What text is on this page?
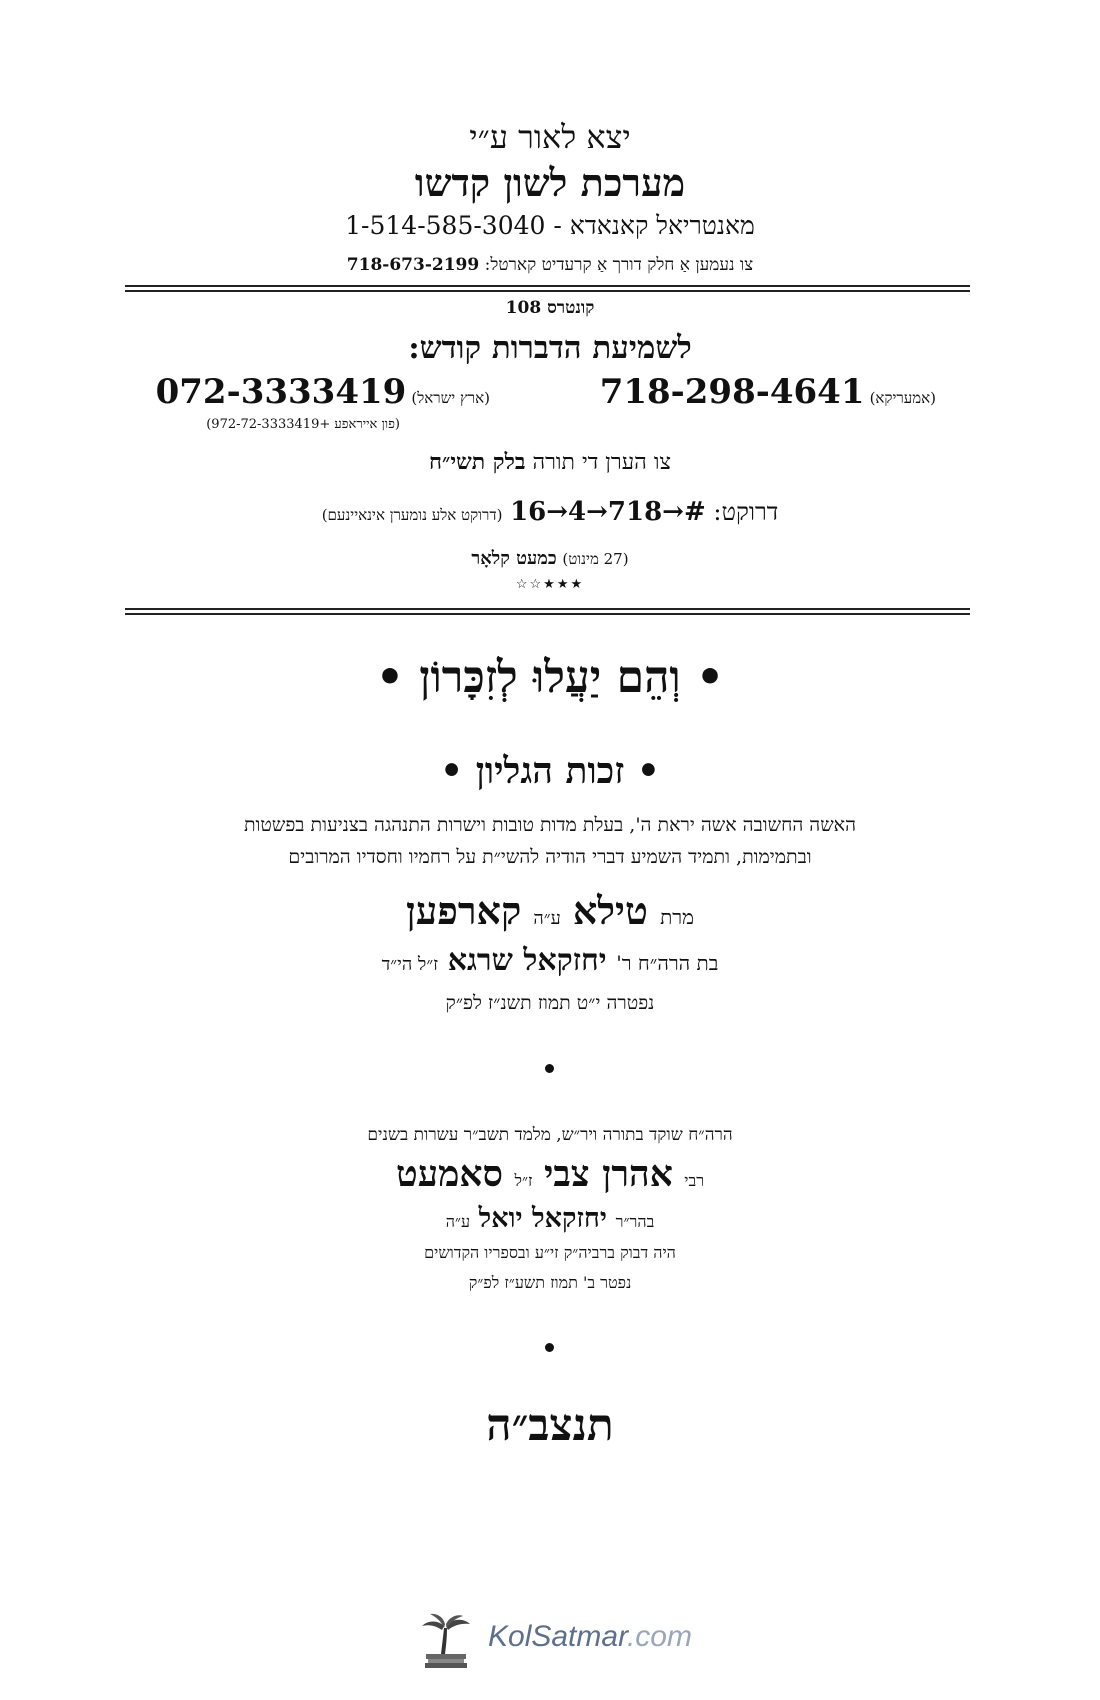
יצא לאור ע״י
מערכת לשון קדשו
מאנטריאל קאנאדא - 1-514-585-3040
צו נעמען אַ חלק דורך אַ קרעדיט קארטל: 718-673-2199
קונטרס 108
לשמיעת הדברות קודש:
(אמעריקא) 718-298-4641
(ארץ ישראל) 072-3333419
(פון אייראפע +972-72-3333419)
צו הערן די תורה בלק תשי״ח
דרוקט: 16→4→718→# (דרוקט אלע נומערן אינאיינעם)
(27 מינוט) כמעט קלאָר
★★★☆☆
• וְהֵם יַעֲלוּ לְזִכָּרוֹן •
• זכות הגליון •
האשה החשובה אשה יראת ה', בעלת מדות טובות וישרות התנהגה בצניעות בפשטות
ובתמימות, ותמיד השמיע דברי הודיה להשי״ת על רחמיו וחסדיו המרובים
מרת טילא ע״ה קארפען
בת הרה״ח ר' יחזקאל שרגא ז״ל הי״ד
נפטרה י״ט תמוז תשנ״ז לפ״ק
הרה״ח שוקד בתורה ויר״ש, מלמד תשב״ר עשרות בשנים
רבי אהרן צבי ז״ל סאמעט
בהר״ר יחזקאל יואל ע״ה
היה דבוק ברביה״ק זי״ע ובספריו הקדושים
נפטר ב' תמוז תשע״ז לפ״ק
תנצב״ה
KolSatmar.com
